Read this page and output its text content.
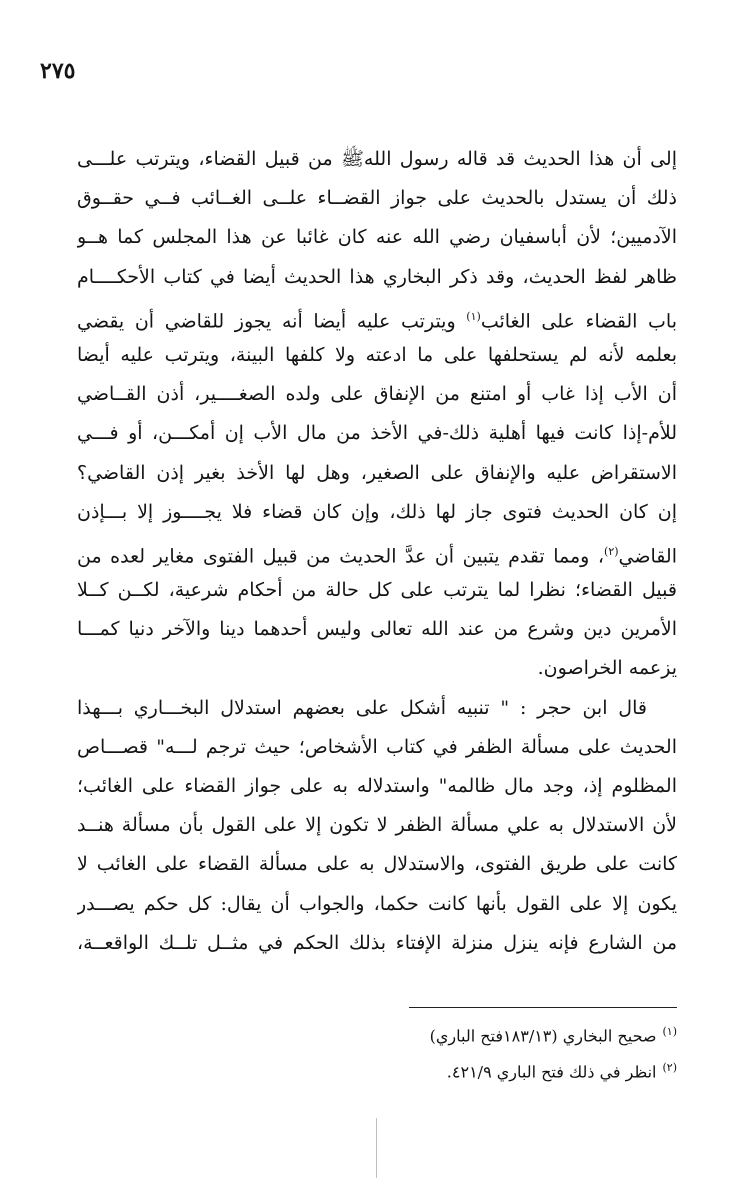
٢٧٥
إلى أن هذا الحديث قد قاله رسول اللهﷺ من قبيل القضاء، ويترتب علـــى
ذلك أن يستدل بالحديث على جواز القضــاء علــى الغــائب فــي حقــوق
الآدميين؛ لأن أباسفيان رضي الله عنه كان غائبا عن هذا المجلس كما هــو
ظاهر لفظ الحديث، وقد ذكر البخاري هذا الحديث أيضا في كتاب الأحكــــام
باب القضاء على الغائب$^{(١)}$ ويترتب عليه أيضا أنه يجوز للقاضي أن يقضي
بعلمه لأنه لم يستحلفها على ما ادعته ولا كلفها البينة، ويترتب عليه أيضا
أن الأب إذا غاب أو امتنع من الإنفاق على ولده الصغــــير، أذن القــاضي
للأم-إذا كانت فيها أهلية ذلك-في الأخذ من مال الأب إن أمكـــن، أو فـــي
الاستقراض عليه والإنفاق على الصغير، وهل لها الأخذ بغير إذن القاضي؟
إن كان الحديث فتوى جاز لها ذلك، وإن كان قضاء فلا يجــــوز إلا بـــإذن
القاضي$^{(٢)}$، ومما تقدم يتبين أن عدَّ الحديث من قبيل الفتوى مغاير لعده من
قبيل القضاء؛ نظرا لما يترتب على كل حالة من أحكام شرعية، لكــن كــلا
الأمرين دين وشرع من عند الله تعالى وليس أحدهما دينا والآخر دنيا كمـــا
يزعمه الخراصون.
قال ابن حجر : " تنبيه أشكل على بعضهم استدلال البخـــاري بـــهذا
الحديث على مسألة الظفر في كتاب الأشخاص؛ حيث ترجم لـــه" قصـــاص
المظلوم إذ، وجد مال ظالمه" واستدلاله به على جواز القضاء على الغائب؛
لأن الاستدلال به علي مسألة الظفر لا تكون إلا على القول بأن مسألة هنــد
كانت على طريق الفتوى، والاستدلال به على مسألة القضاء على الغائب لا
يكون إلا على القول بأنها كانت حكما، والجواب أن يقال: كل حكم يصـــدر
من الشارع فإنه ينزل منزلة الإفتاء بذلك الحكم في مثــل تلــك الواقعــة،
$^{(١)}$صحيح البخاري (١٨٣/١٣فتح الباري)
$^{(٢)}$انظر في ذلك فتح الباري ٤٢١/٩.
